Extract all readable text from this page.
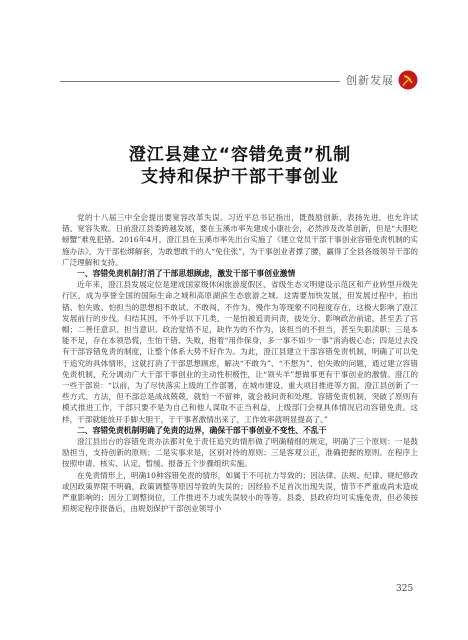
创新发展
澄江县建立“容错免责”机制
支持和保护干部干事创业

党的十八届三中全会提出要宽容改革失误。习近平总书记指出，既鼓励创新、表扬先进，也允许试错、宽容失败。日前澄江县委跨越发展，要在玉溪市率先建成小康社会，必然涉及改革创新，但是“大胆吃螃蟹”难免犯错。2016年4月，澄江县在玉溪市率先出台实施了《建立党员干部干事创业容错免责机制的实施办法》，为干部松绑解套，为敢想敢干的人“免住张”，为干事创业者撑了腰，赢得了全县各级领导干部的广泛理解和支持。

一、容错免责机制打消了干部思想顾虑，激发干部干事创业激情

近年来，澄江县发展定位是建成国家级休闲旅游度假区、省级生态文明建设示范区和产业转型升级先行区，成为享誉全国的国际生命之城和高原湖滨生态旅游之城。这需要加快发展，但发展过程中，拍出错、怕失败、怕担当的思想相不敢试、不敢闯、不作为、慢作为等现象不同程度存在，这极大影响了澄江发展前行的步伐。归结其因，不外乎以下几类，一是怕被追责问责，拔处分、影响政治前途，甚至丢了官帽；二善任意识、担当意识、政治觉悟不足，缺作为的不作为，该担当的不担当，甚至失职渎职；三是本能不足，存在本领恐慌，生怕干错、失败，抱着“用作保身，多一事不如少一事”消消极心态；四是过去没有干部容错免责的制度，让整个体系大势不好作为。为此，澄江县建立干部容错免责机制，明确了可以免于追究的具体情形，这就打消了干部思想顾虑，解决“不敢为”、“不想为”、怕失败的问题，通过建立容错免责机制，充分调动广大干部干事创业的主动性积极性，让“领头羊”想做事更有干事创业的激情。澄江的一些干部说：“以前，为了尽快落实上级的工作部署，在城市建设、重大项目推进等方面，澄江县创新了一些方式、方法，但不部总是战战兢兢，就怕一不留神，就会被问责和处理。容错免责机制，突破了原则有模式推进工作，干部只要不是为自己和他人谋取不正当利益，上级部门会视具体情况启动容错免责。这样，干部就能放开手脚大胆干，于干事者激情出来了，工作效率就明显提高了。”

二、容错免责机制明确了免责的边界，确保干部干事创业不变性、不乱干

澄江县出台的容错免责办法都对免于责任追究的情形做了明确精细的规定，明确了三个原则：一是鼓励担当，支持创新的原则；二是实事求是，区别对待的原则；三是客观公正，准确把握的原则。在程序上按照申请、核实、认定、暂缓、报备五个步骤组织实施。

在免责情形上，明确10种容错免责的情形，如属于不可抗力导致的；因法律、法规、纪律、规纪修改或因政策界限不明确，政策调整等原因导致的失误的；因经验不足首次出现失误，情节不严重或尚未造成严重影响的；因分工调整岗位，工作推进不力或失误较小的等等。县委、县政府均可实施免责，但必须按照规定程序报备后，由规划保护干部创业领导小

325
